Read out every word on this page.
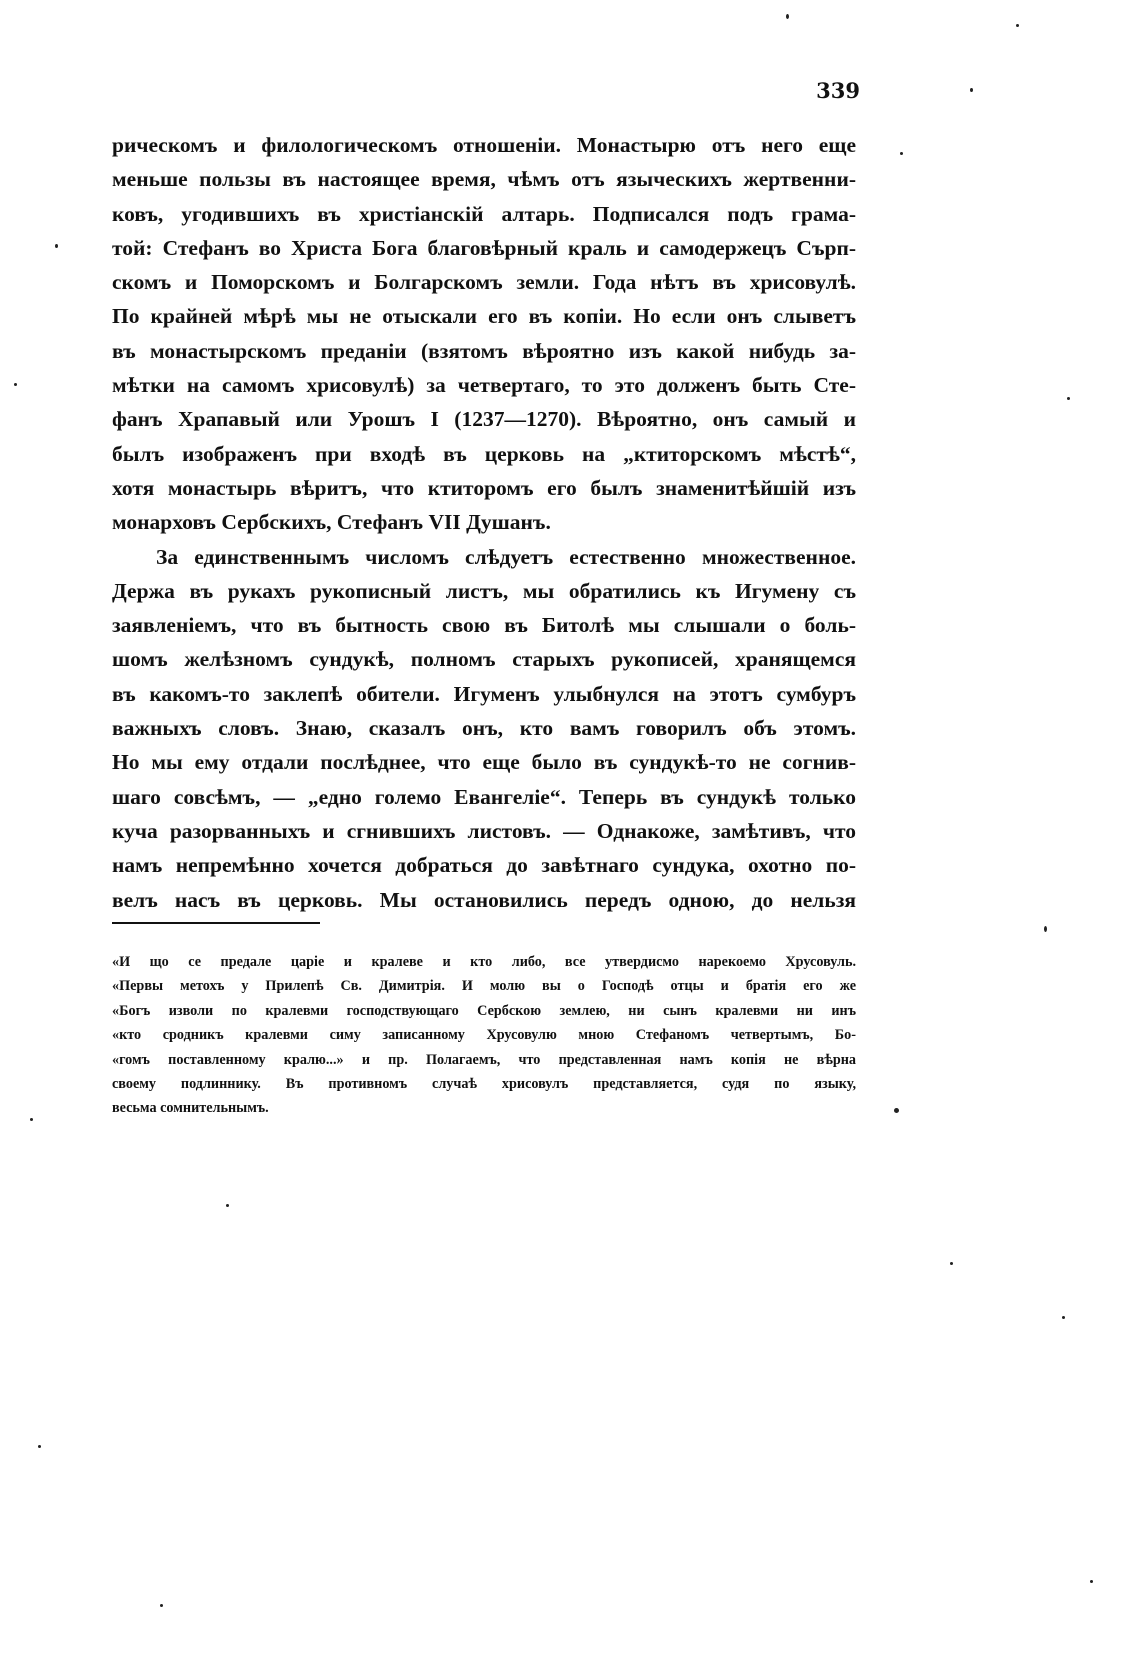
339
рическомъ и филологическомъ отношенiи. Монастырю отъ него еще
меньше пользы въ настоящее время, чѣмъ отъ языческихъ жертвенни-
ковъ, угодившихъ въ христiанскiй алтарь. Подписался подъ грама-
той: Стефанъ во Христа Бога благовѣрный краль и самодержецъ Сърп-
скомъ и Поморскомъ и Болгарскомъ земли. Года нѣтъ въ хрисовулѣ.
По крайней мѣрѣ мы не отыскали его въ копiи. Но если онъ слыветъ
въ монастырскомъ преданiи (взятомъ вѣроятно изъ какой нибудь за-
мѣтки на самомъ хрисовулѣ) за четвертаго, то это долженъ быть Сте-
фанъ Храпавый или Урошъ I (1237—1270). Вѣроятно, онъ самый и
былъ изображенъ при входѣ въ церковь на „ктиторскомъ мѣстѣ“,
хотя монастырь вѣритъ, что ктиторомъ его былъ знаменитѣйшiй изъ
монарховъ Сербскихъ, Стефанъ VII Душанъ.
За единственнымъ числомъ слѣдуетъ естественно множественное.
Держа въ рукахъ рукописный листъ, мы обратились къ Игумену съ
заявленiемъ, что въ бытность свою въ Битолѣ мы слышали о боль-
шомъ желѣзномъ сундукѣ, полномъ старыхъ рукописей, хранящемся
въ какомъ-то заклепѣ обители. Игуменъ улыбнулся на этотъ сумбуръ
важныхъ словъ. Знаю, сказалъ онъ, кто вамъ говорилъ объ этомъ.
Но мы ему отдали послѣднее, что еще было въ сундукѣ-то не согнив-
шаго совсѣмъ, — „едно големо Евангелiе“. Теперь въ сундукѣ только
куча разорванныхъ и сгнившихъ листовъ. — Однакоже, замѣтивъ, что
намъ непремѣнно хочется добраться до завѣтнаго сундука, охотно по-
велъ насъ въ церковь. Мы остановились передъ одною, до нельзя
«И що се предале царiе и кралеве и кто либо, все утвердисмо нарекоемо Хрусовуль.
«Первы метохъ у Прилепѣ Св. Димитрiя. И молю вы о Господѣ отцы и братiя его же
«Богъ изволи по кралевми господствующаго Сербскою землею, ни сынъ кралевми ни инъ
«кто сродникъ кралевми симу записанному Хрусовулю мною Стефаномъ четвертымъ, Бо-
«гомъ поставленному кралю...» и пр. Полагаемъ, что представленная намъ копiя не вѣрна
своему подлиннику. Въ противномъ случаѣ хрисовулъ представляется, судя по языку,
весьма сомнительнымъ.
